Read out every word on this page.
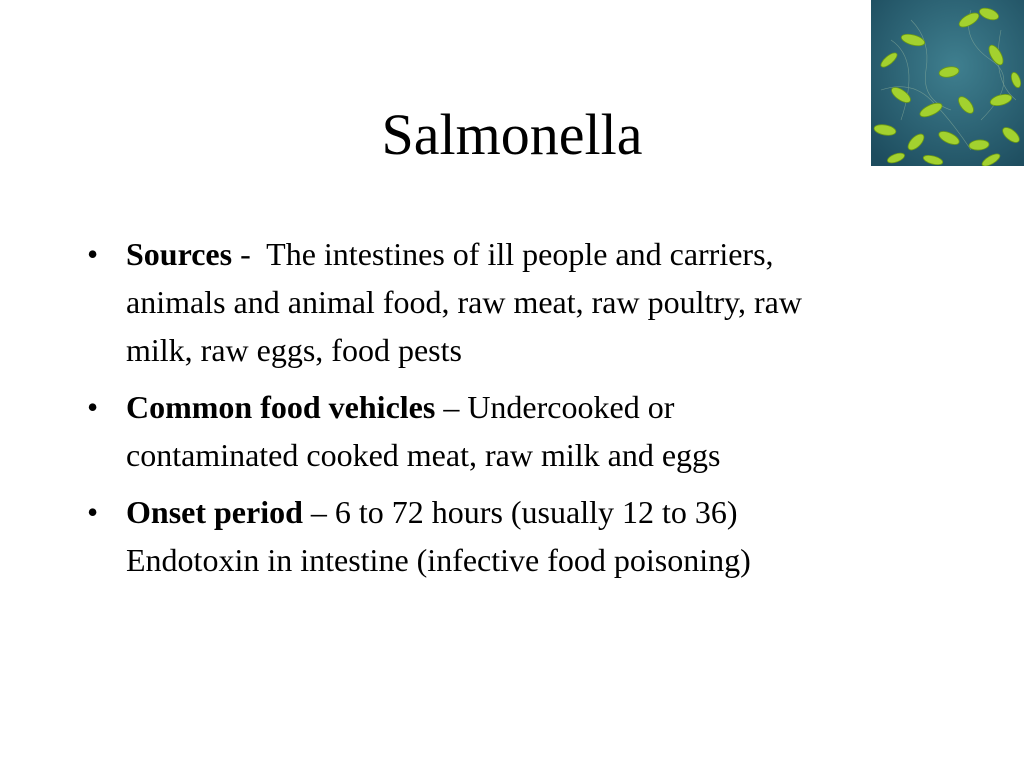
Salmonella
• Sources -  The intestines of ill people and carriers, animals and animal food, raw meat, raw poultry, raw milk, raw eggs, food pests
• Common food vehicles – Undercooked or contaminated cooked meat, raw milk and eggs
• Onset period – 6 to 72 hours (usually 12 to 36) Endotoxin in intestine (infective food poisoning)
